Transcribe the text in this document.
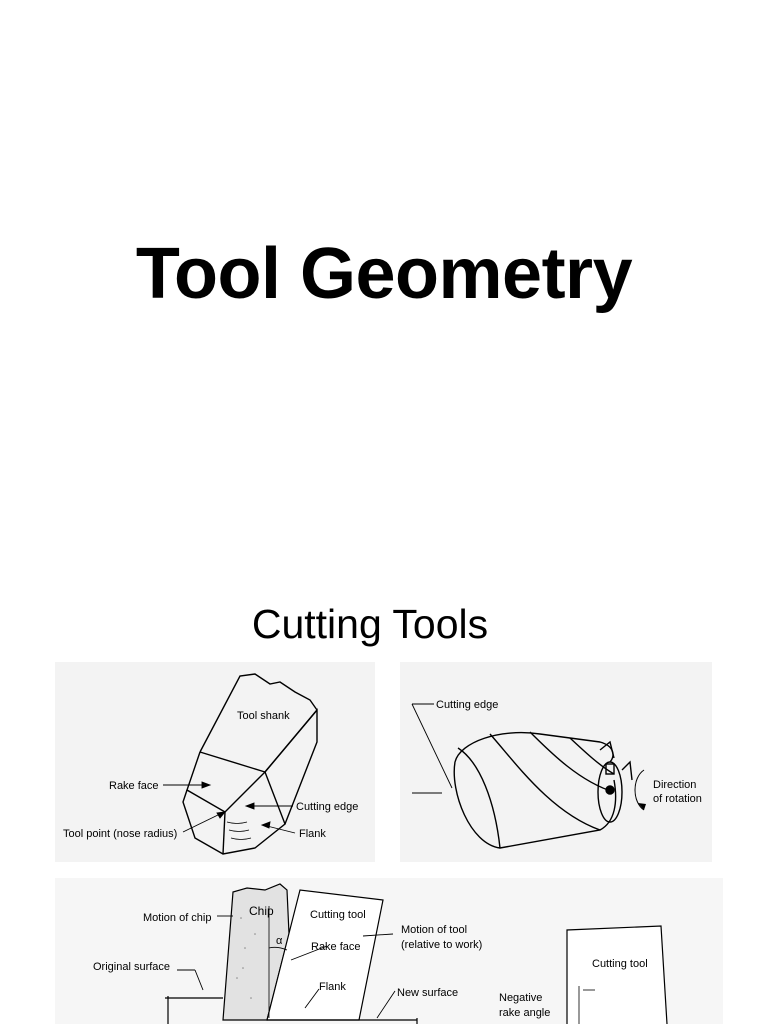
Tool Geometry
Cutting Tools
Tool shank
Rake face
Cutting edge
Tool point (nose radius)	Flank
Cutting edge
Direction
of rotation
Motion of chip	Chip	Cutting tool
Motion of tool
(relative to work)
α	Rake face
Original surface
Flank	New surface
Cutting tool
Negative
rake angle
